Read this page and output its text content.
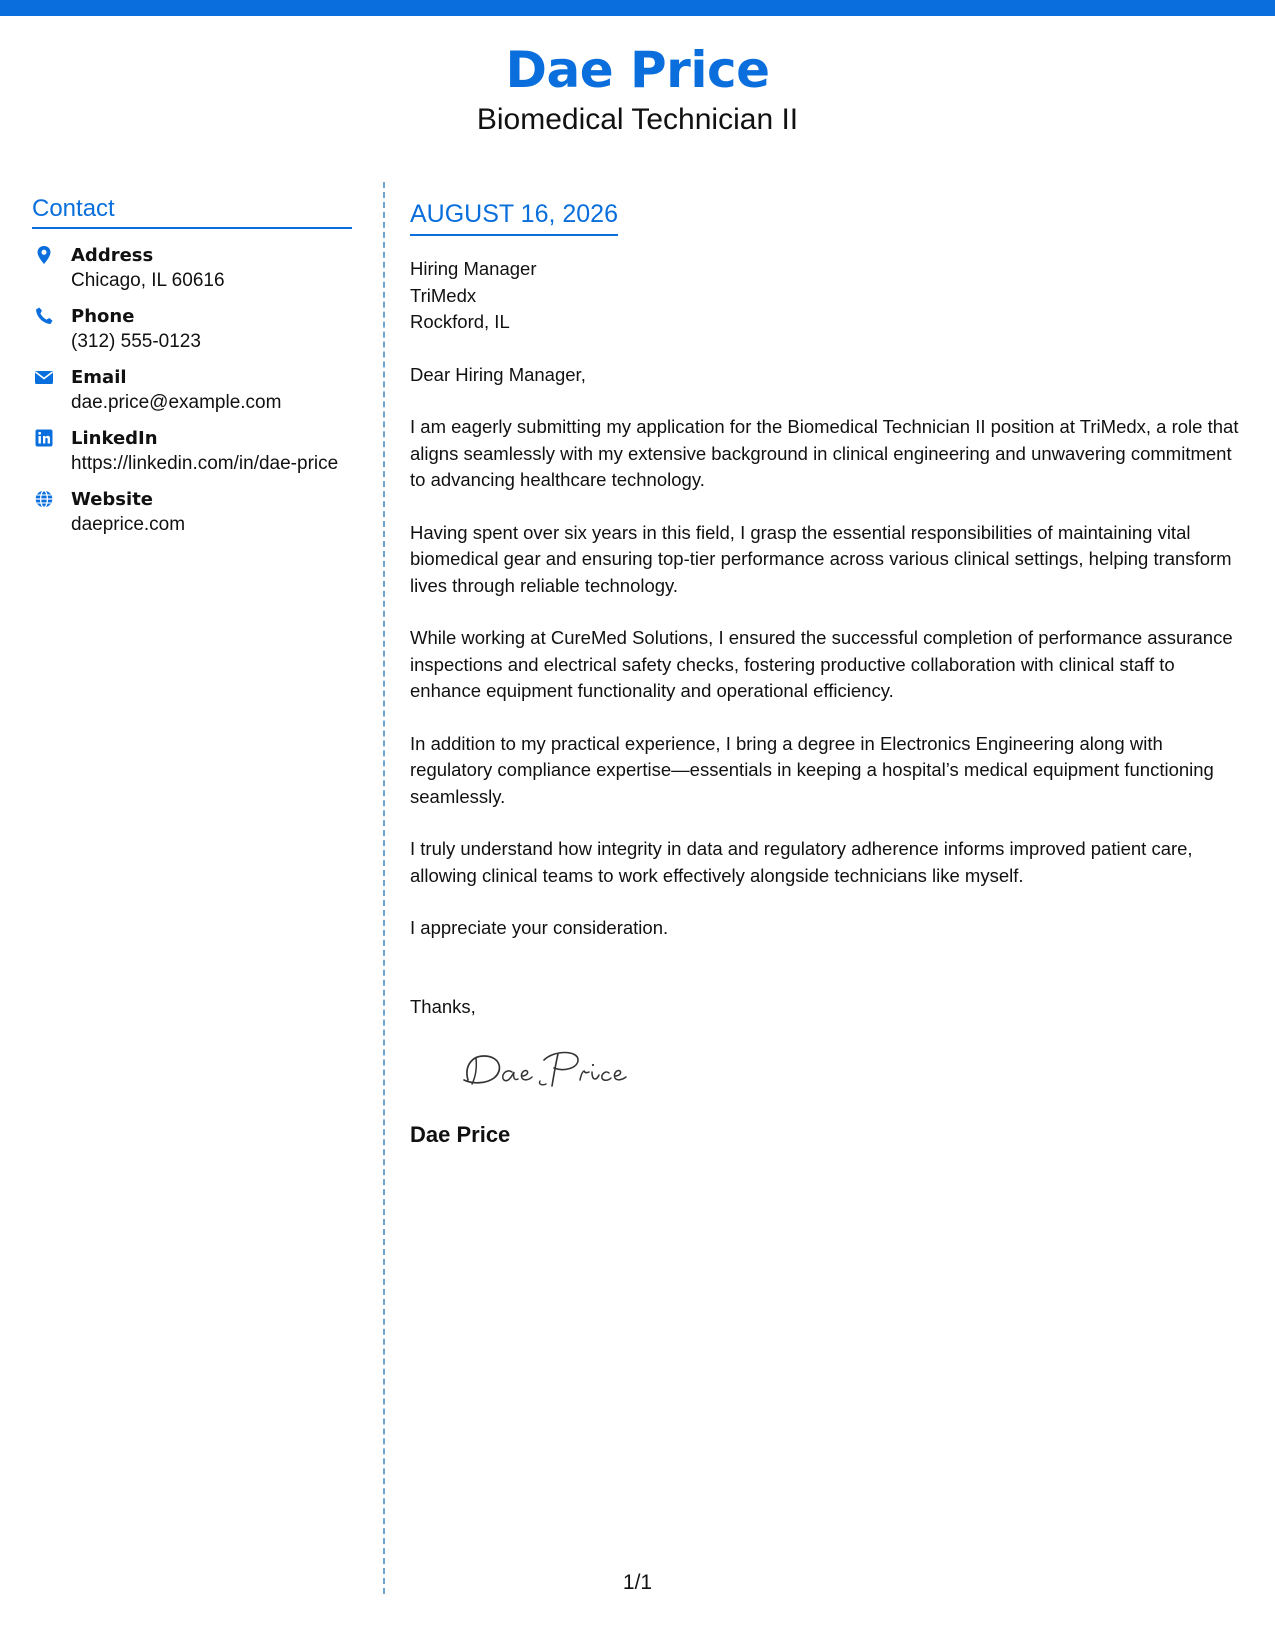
Dae Price
Biomedical Technician II
Contact
Address
Chicago, IL 60616
Phone
(312) 555-0123
Email
dae.price@example.com
LinkedIn
https://linkedin.com/in/dae-price
Website
daeprice.com
AUGUST 16, 2026
Hiring Manager
TriMedx
Rockford, IL

Dear Hiring Manager,

I am eagerly submitting my application for the Biomedical Technician II position at TriMedx, a role that aligns seamlessly with my extensive background in clinical engineering and unwavering commitment to advancing healthcare technology.

Having spent over six years in this field, I grasp the essential responsibilities of maintaining vital biomedical gear and ensuring top-tier performance across various clinical settings, helping transform lives through reliable technology.

While working at CureMed Solutions, I ensured the successful completion of performance assurance inspections and electrical safety checks, fostering productive collaboration with clinical staff to enhance equipment functionality and operational efficiency.

In addition to my practical experience, I bring a degree in Electronics Engineering along with regulatory compliance expertise—essentials in keeping a hospital’s medical equipment functioning seamlessly.

I truly understand how integrity in data and regulatory adherence informs improved patient care, allowing clinical teams to work effectively alongside technicians like myself.

I appreciate your consideration.

Thanks,
Dae Price
1/1
